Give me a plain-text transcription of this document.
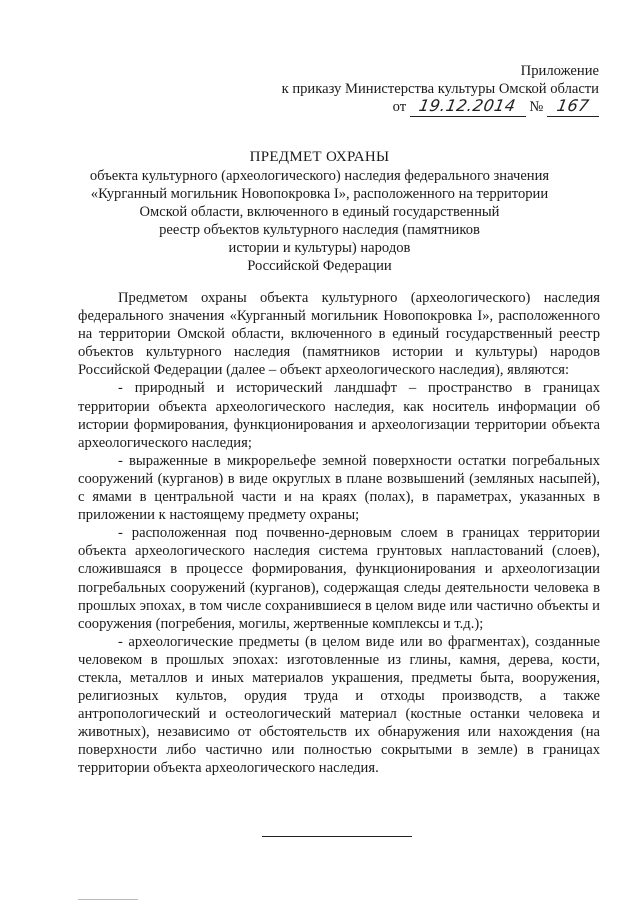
Приложение
к приказу Министерства культуры Омской области
от 19.12.2014 № 167
ПРЕДМЕТ ОХРАНЫ
объекта культурного (археологического) наследия федерального значения
«Курганный могильник Новопокровка I», расположенного на территории
Омской области, включенного в единый государственный
реестр объектов культурного наследия (памятников
истории и культуры) народов
Российской Федерации

Предметом охраны объекта культурного (археологического) наследия федерального значения «Курганный могильник Новопокровка I», расположенного на территории Омской области, включенного в единый государственный реестр объектов культурного наследия (памятников истории и культуры) народов Российской Федерации (далее – объект археологического наследия), являются:

- природный и исторический ландшафт – пространство в границах территории объекта археологического наследия, как носитель информации об истории формирования, функционирования и археологизации территории объекта археологического наследия;

- выраженные в микрорельефе земной поверхности остатки погребальных сооружений (курганов) в виде округлых в плане возвышений (земляных насыпей), с ямами в центральной части и на краях (полах), в параметрах, указанных в приложении к настоящему предмету охраны;

- расположенная под почвенно-дерновым слоем в границах территории объекта археологического наследия система грунтовых напластований (слоев), сложившаяся в процессе формирования, функционирования и археологизации погребальных сооружений (курганов), содержащая следы деятельности человека в прошлых эпохах, в том числе сохранившиеся в целом виде или частично объекты и сооружения (погребения, могилы, жертвенные комплексы и т.д.);

- археологические предметы (в целом виде или во фрагментах), созданные человеком в прошлых эпохах: изготовленные из глины, камня, дерева, кости, стекла, металлов и иных материалов украшения, предметы быта, вооружения, религиозных культов, орудия труда и отходы производств, а также антропологический и остеологический материал (костные останки человека и животных), независимо от обстоятельств их обнаружения или нахождения (на поверхности либо частично или полностью сокрытыми в земле) в границах территории объекта археологического наследия.
